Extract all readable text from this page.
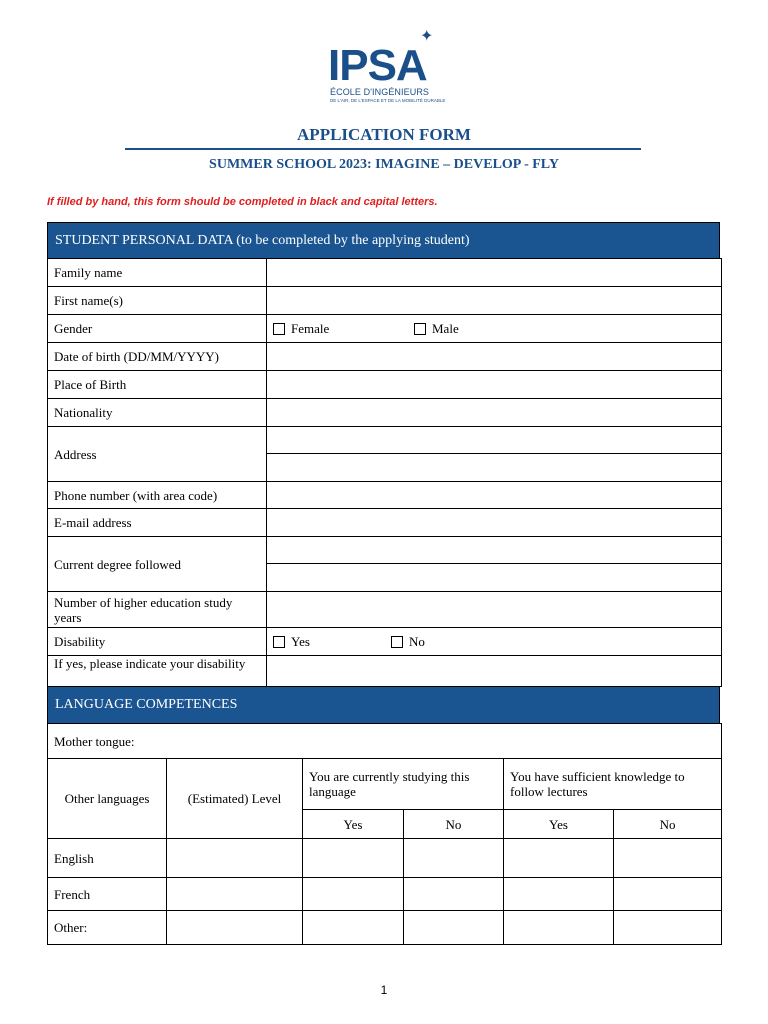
✦
IPSA
ÉCOLE D'INGÉNIEURS
DE L'AIR, DE L'ESPACE ET DE LA MOBILITÉ DURABLE
APPLICATION FORM
SUMMER SCHOOL 2023: IMAGINE – DEVELOP - FLY
If filled by hand, this form should be completed in black and capital letters.
STUDENT PERSONAL DATA (to be completed by the applying student)
Family name	
First name(s)	
Gender	Female Male
Date of birth (DD/MM/YYYY)	
Place of Birth	
Nationality	
Address	

Phone number (with area code)	
E-mail address	
Current degree followed	

Number of higher education study years	
Disability	Yes No
If yes, please indicate your disability	
LANGUAGE COMPETENCES
Mother tongue:					
Other languages	(Estimated) Level	You are currently studying this language		You have sufficient knowledge to follow lectures	
		Yes	No	Yes	No
English					
French					
Other:					
1
